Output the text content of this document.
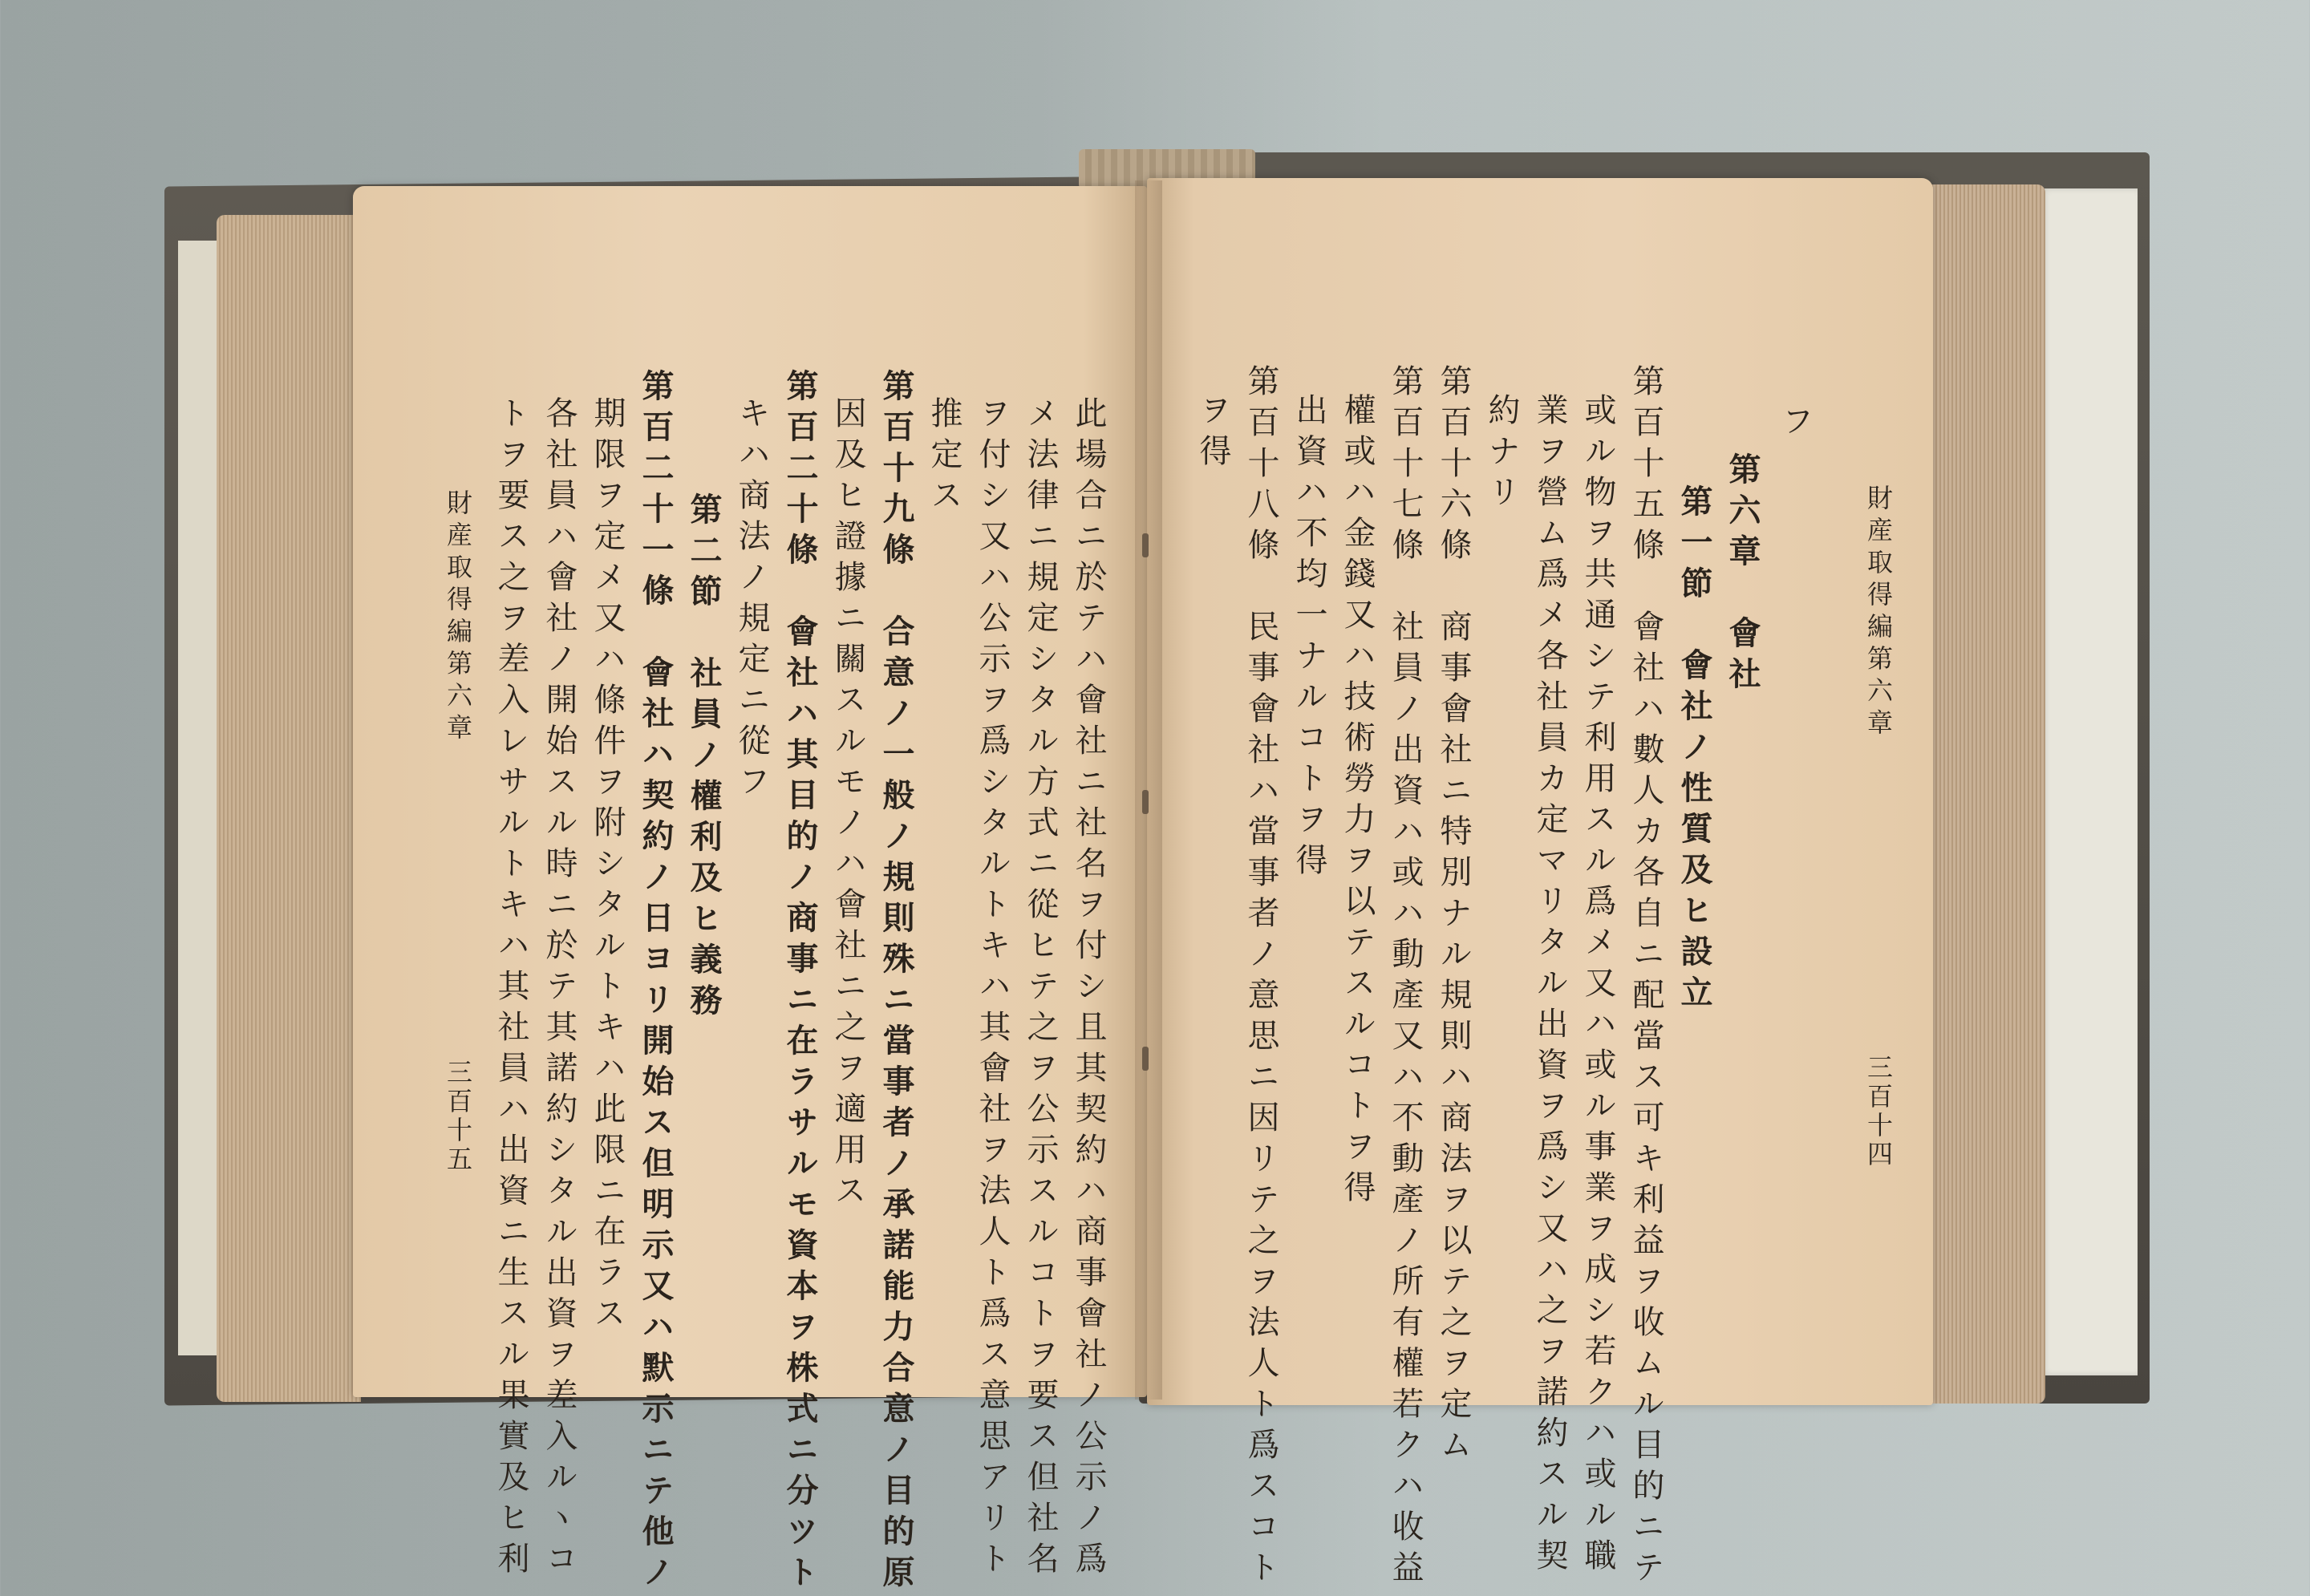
此場合ニ於テハ會社ニ社名ヲ付シ且其契約ハ商事會社ノ公示ノ爲
メ法律ニ規定シタル方式ニ從ヒテ之ヲ公示スルコトヲ要ス但社名
ヲ付シ又ハ公示ヲ爲シタルトキハ其會社ヲ法人ト爲ス意思アリト
推定ス
第百十九條　合意ノ一般ノ規則殊ニ當事者ノ承諾能力合意ノ目的原
因及ヒ證據ニ關スルモノハ會社ニ之ヲ適用ス
第百二十條　會社ハ其目的ノ商事ニ在ラサルモ資本ヲ株式ニ分ツト
キハ商法ノ規定ニ從フ
第二節　社員ノ權利及ヒ義務
第百二十一條　會社ハ契約ノ日ヨリ開始ス但明示又ハ默示ニテ他ノ
期限ヲ定メ又ハ條件ヲ附シタルトキハ此限ニ在ラス
各社員ハ會社ノ開始スル時ニ於テ其諾約シタル出資ヲ差入ルヽコ
トヲ要ス之ヲ差入レサルトキハ其社員ハ出資ニ生スル果實及ヒ利
財産取得編第六章
三百十五
財産取得編第六章
三百十四
フ
第六章　會社
第一節　會社ノ性質及ヒ設立
第百十五條　會社ハ數人カ各自ニ配當ス可キ利益ヲ收ムル目的ニテ
或ル物ヲ共通シテ利用スル爲メ又ハ或ル事業ヲ成シ若クハ或ル職
業ヲ營ム爲メ各社員カ定マリタル出資ヲ爲シ又ハ之ヲ諾約スル契
約ナリ
第百十六條　商事會社ニ特別ナル規則ハ商法ヲ以テ之ヲ定ム
第百十七條　社員ノ出資ハ或ハ動產又ハ不動產ノ所有權若クハ收益
權或ハ金錢又ハ技術勞力ヲ以テスルコトヲ得
出資ハ不均一ナルコトヲ得
第百十八條　民事會社ハ當事者ノ意思ニ因リテ之ヲ法人ト爲スコト
ヲ得
